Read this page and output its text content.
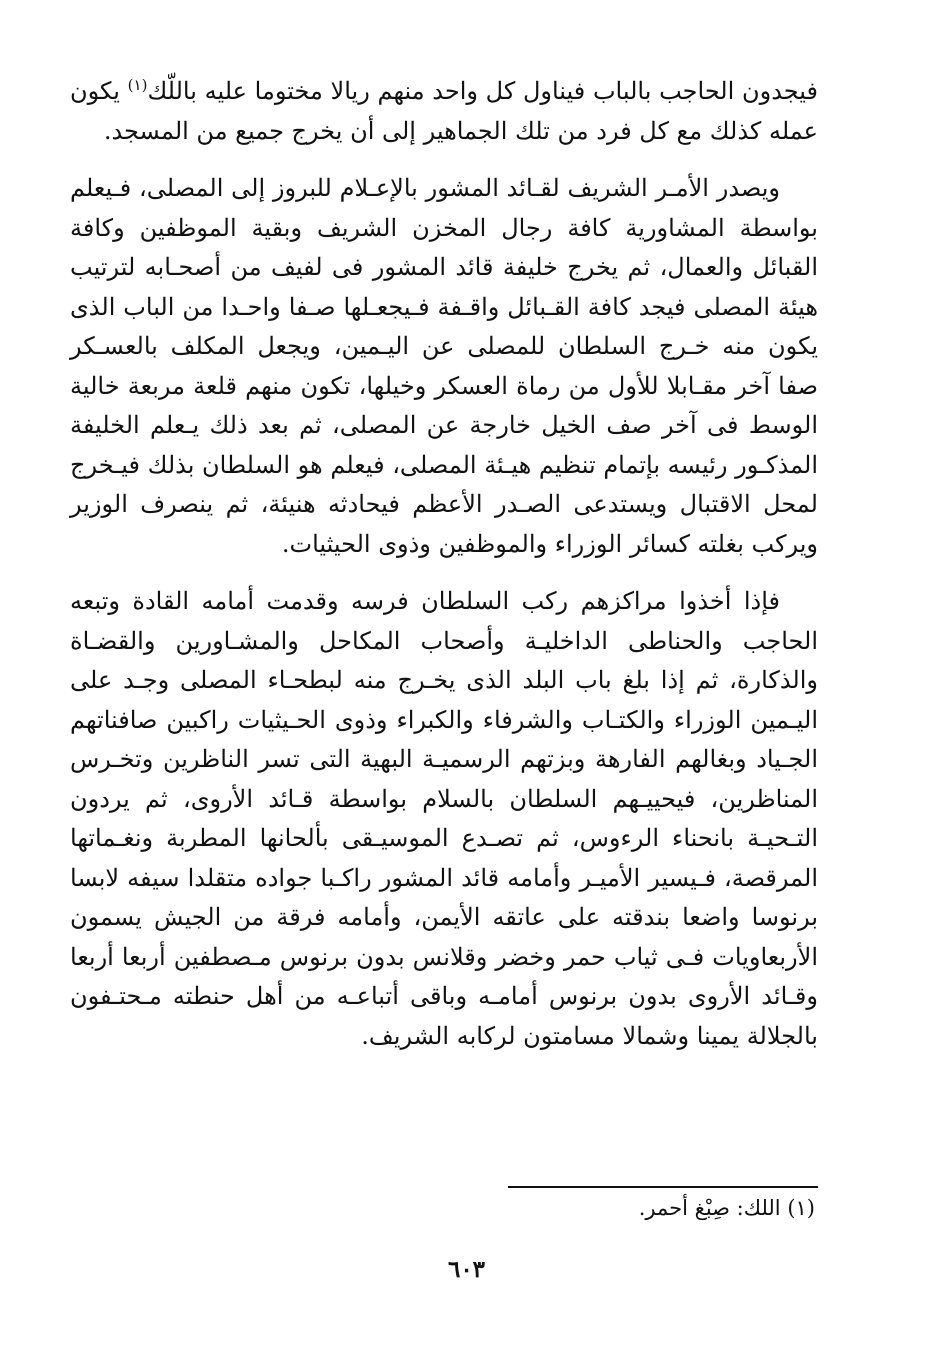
فيجدون الحاجب بالباب فيناول كل واحد منهم ريالا مختوما عليه باللّك$^{(١)}$ يكون عمله كذلك مع كل فرد من تلك الجماهير إلى أن يخرج جميع من المسجد.

ويصدر الأمـر الشريف لقـائد المشور بالإعـلام للبروز إلى المصلى، فـيعلم بواسطة المشاورية كافة رجال المخزن الشريف وبقية الموظفين وكافة القبائل والعمال، ثم يخرج خليفة قائد المشور فى لفيف من أصحـابه لترتيب هيئة المصلى فيجد كافة القـبائل واقـفة فـيجعـلها صـفا واحـدا من الباب الذى يكون منه خـرج السلطان للمصلى عن اليـمين، ويجعل المكلف بالعسـكر صفا آخر مقـابلا للأول من رماة العسكر وخيلها، تكون منهم قلعة مربعة خالية الوسط فى آخر صف الخيل خارجة عن المصلى، ثم بعد ذلك يـعلم الخليفة المذكـور رئيسه بإتمام تنظيم هيـئة المصلى، فيعلم هو السلطان بذلك فيـخرج لمحل الاقتبال ويستدعى الصـدر الأعظم فيحادثه هنيئة، ثم ينصرف الوزير ويركب بغلته كسائر الوزراء والموظفين وذوى الحيثيات.

فإذا أخذوا مراكزهم ركب السلطان فرسه وقدمت أمامه القادة وتبعه الحاجب والحناطى الداخليـة وأصحاب المكاحل والمشـاورين والقضـاة والذكارة، ثم إذا بلغ باب البلد الذى يخـرج منه لبطحـاء المصلى وجـد على اليـمين الوزراء والكتـاب والشرفاء والكبراء وذوى الحـيثيات راكبين صافناتهم الجـياد وبغالهم الفارهة وبزتهم الرسميـة البهية التى تسر الناظرين وتخـرس المناظرين، فيحييـهم السلطان بالسلام بواسطة قـائد الأروى، ثم يردون التـحيـة بانحناء الرءوس، ثم تصـدع الموسيـقى بألحانها المطربة ونغـماتها المرقصة، فـيسير الأميـر وأمامه قائد المشور راكـبا جواده متقلدا سيفه لابسا برنوسا واضعا بندقته على عاتقه الأيمن، وأمامه فرقة من الجيش يسمون الأربعاويات فـى ثياب حمر وخضر وقلانس بدون برنوس مـصطفين أربعا أربعا وقـائد الأروى بدون برنوس أمامـه وباقى أتباعـه من أهل حنطته مـحتـفون بالجلالة يمينا وشمالا مسامتون لركابه الشريف.

(١) اللك: صِبْغ أحمر.
٦٠٣
